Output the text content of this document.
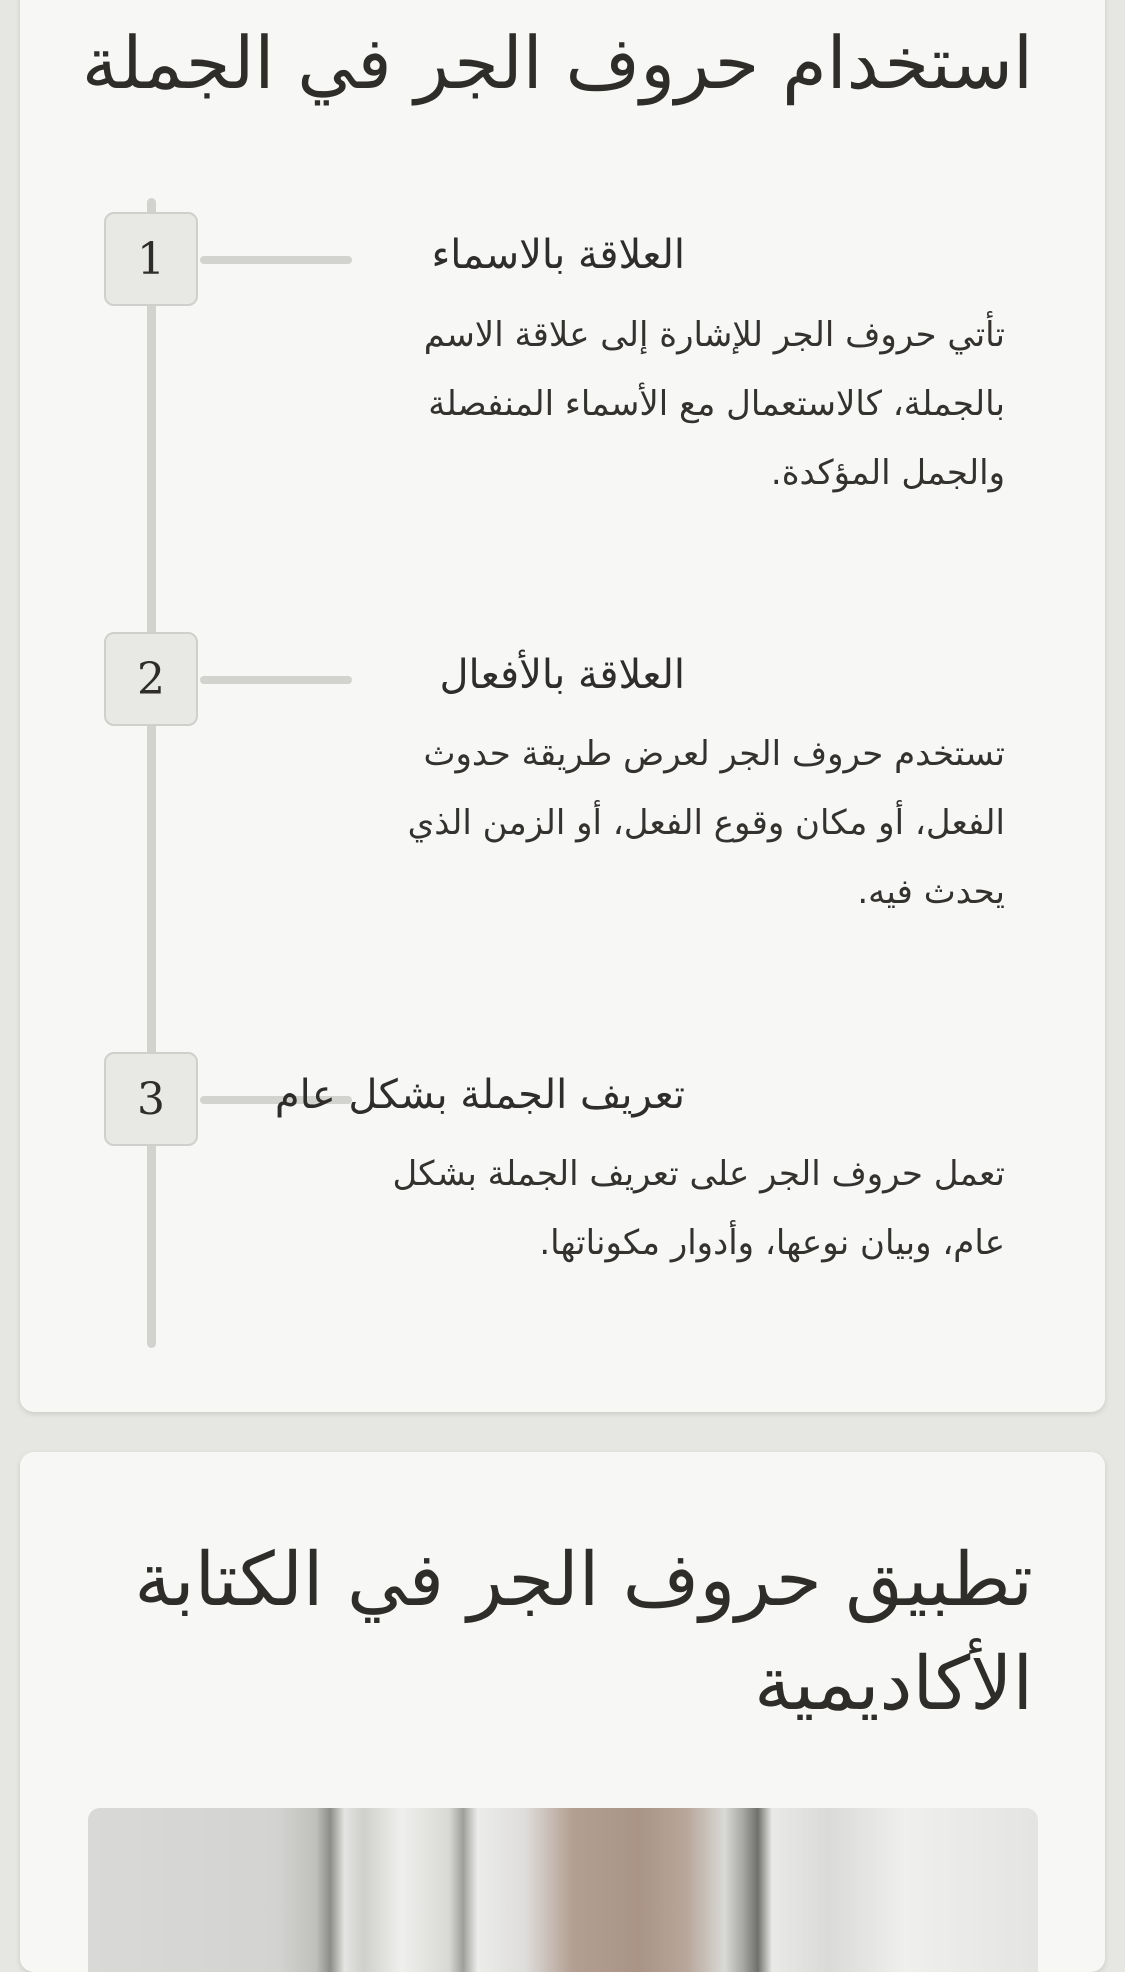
استخدام حروف الجر في الجملة
1	العلاقة بالاسماء

تأتي حروف الجر للإشارة إلى علاقة الاسم بالجملة، كالاستعمال مع الأسماء المنفصلة والجمل المؤكدة.

2	العلاقة بالأفعال

تستخدم حروف الجر لعرض طريقة حدوث الفعل، أو مكان وقوع الفعل، أو الزمن الذي يحدث فيه.

3	تعريف الجملة بشكل عام

تعمل حروف الجر على تعريف الجملة بشكل عام، وبيان نوعها، وأدوار مكوناتها.

تطبيق حروف الجر في الكتابة الأكاديمية
